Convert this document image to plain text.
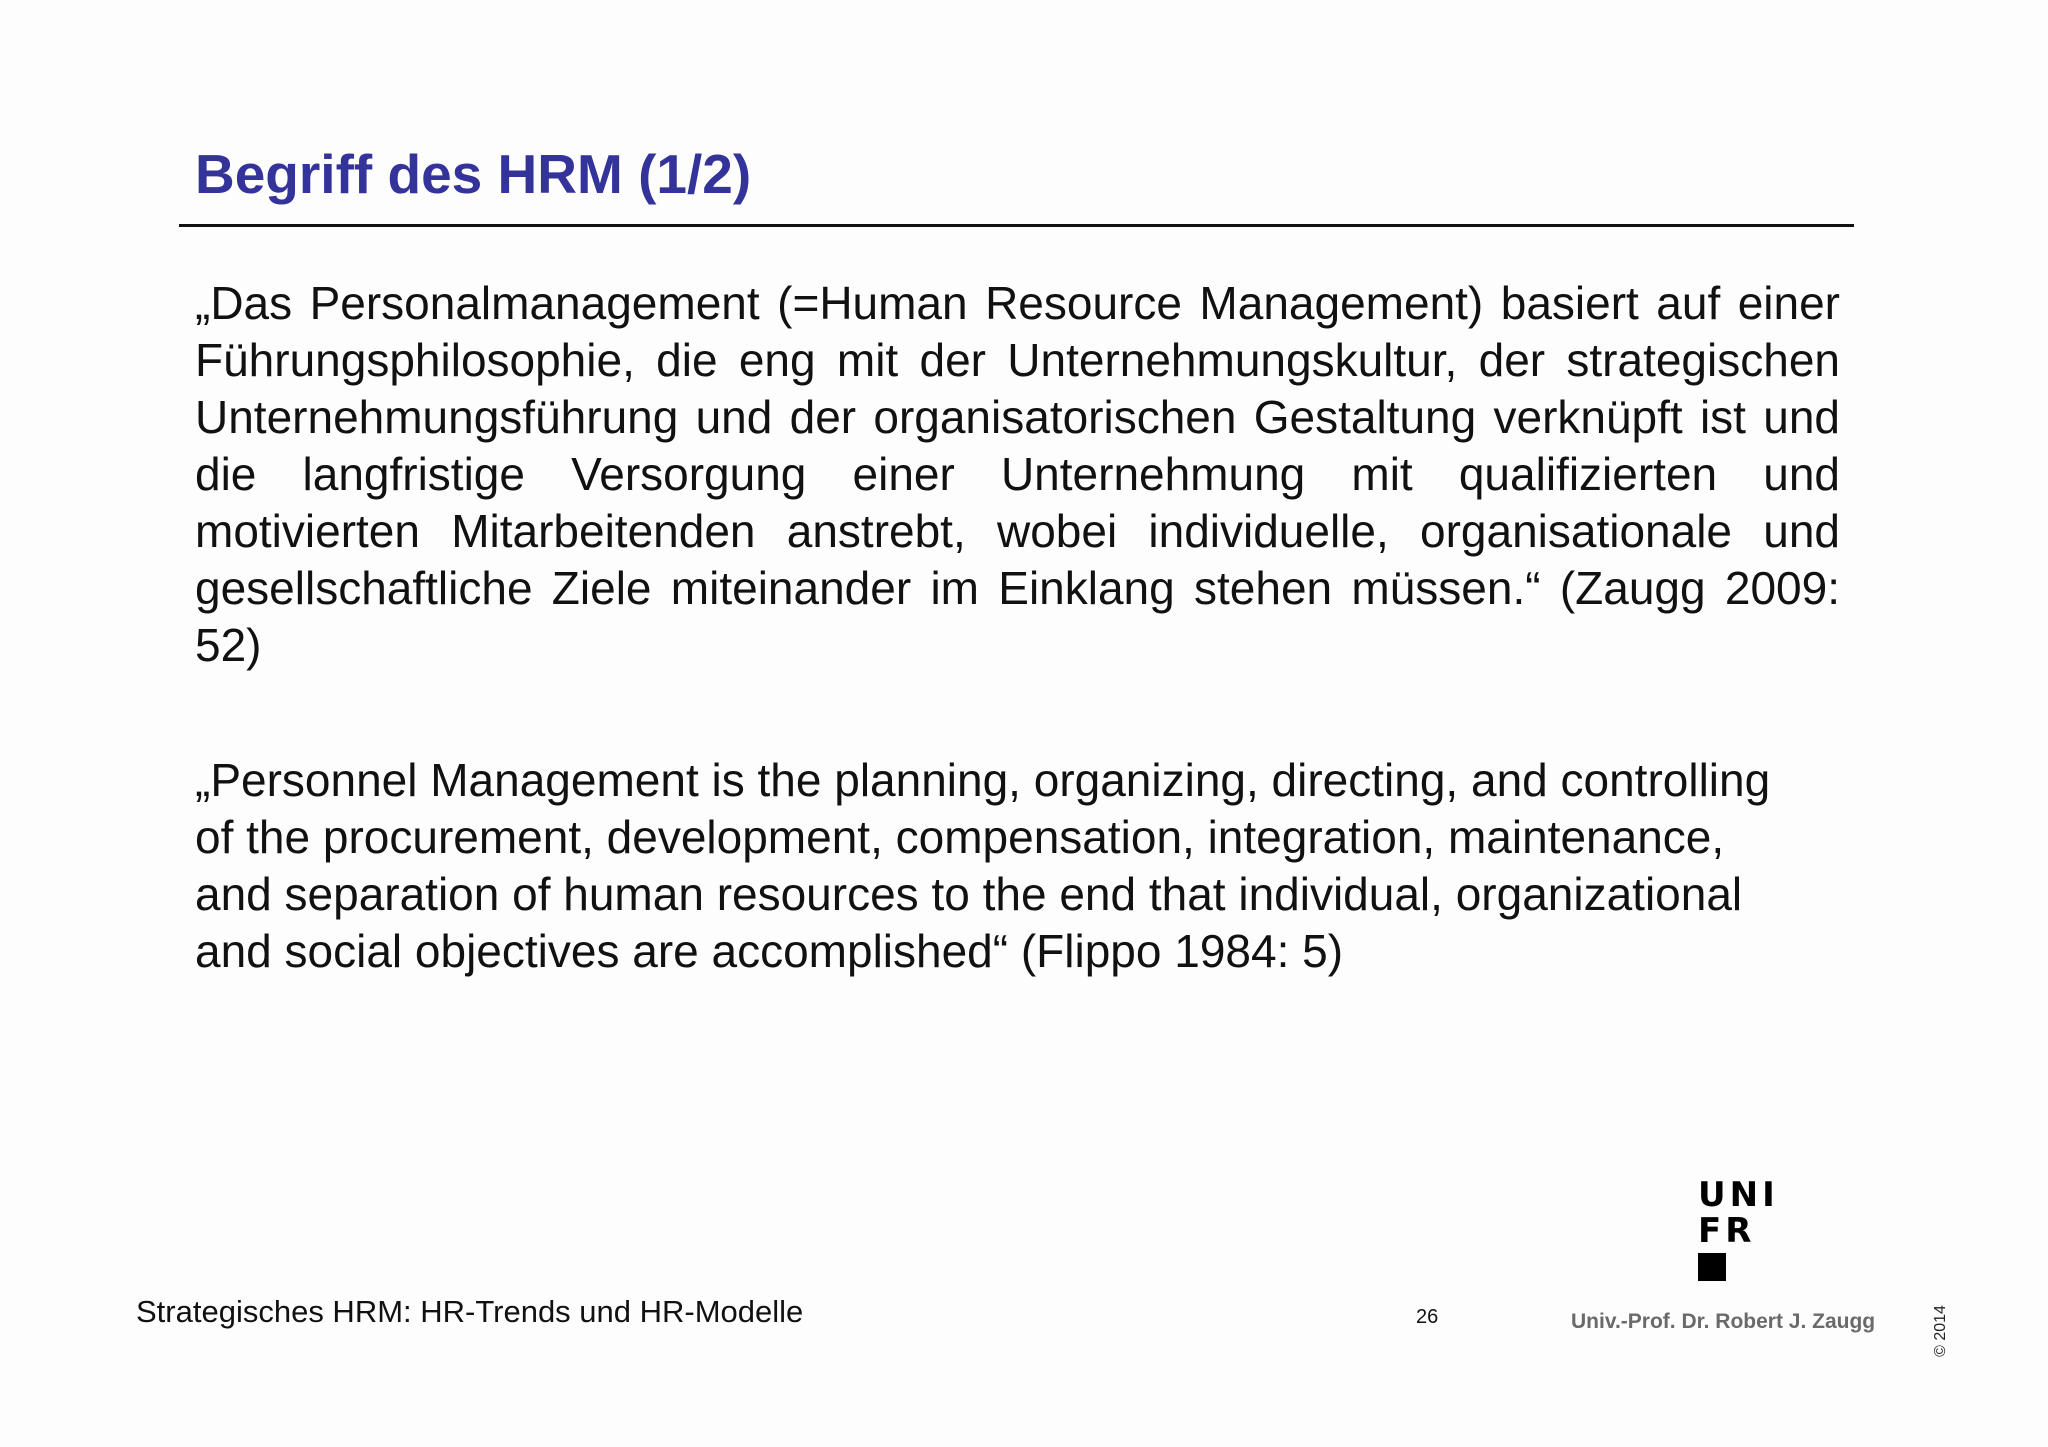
Begriff des HRM (1/2)

„Das Personalmanagement (=Human Resource Management) basiert auf einer Führungsphilosophie, die eng mit der Unternehmungskultur, der strategischen Unternehmungsführung und der organisatorischen Gestaltung verknüpft ist und die langfristige Versorgung einer Unternehmung mit qualifizierten und motivierten Mitarbeitenden anstrebt, wobei individuelle, organisationale und gesellschaftliche Ziele miteinander im Einklang stehen müssen.“ (Zaugg 2009: 52)

„Personnel Management is the planning, organizing, directing, and controlling
of the procurement, development, compensation, integration, maintenance,
and separation of human resources to the end that individual, organizational
and social objectives are accomplished“ (Flippo 1984: 5)

UNI
FR
Strategisches HRM: HR-Trends und HR-Modelle	26	Univ.-Prof. Dr. Robert J. Zaugg	© 2014
